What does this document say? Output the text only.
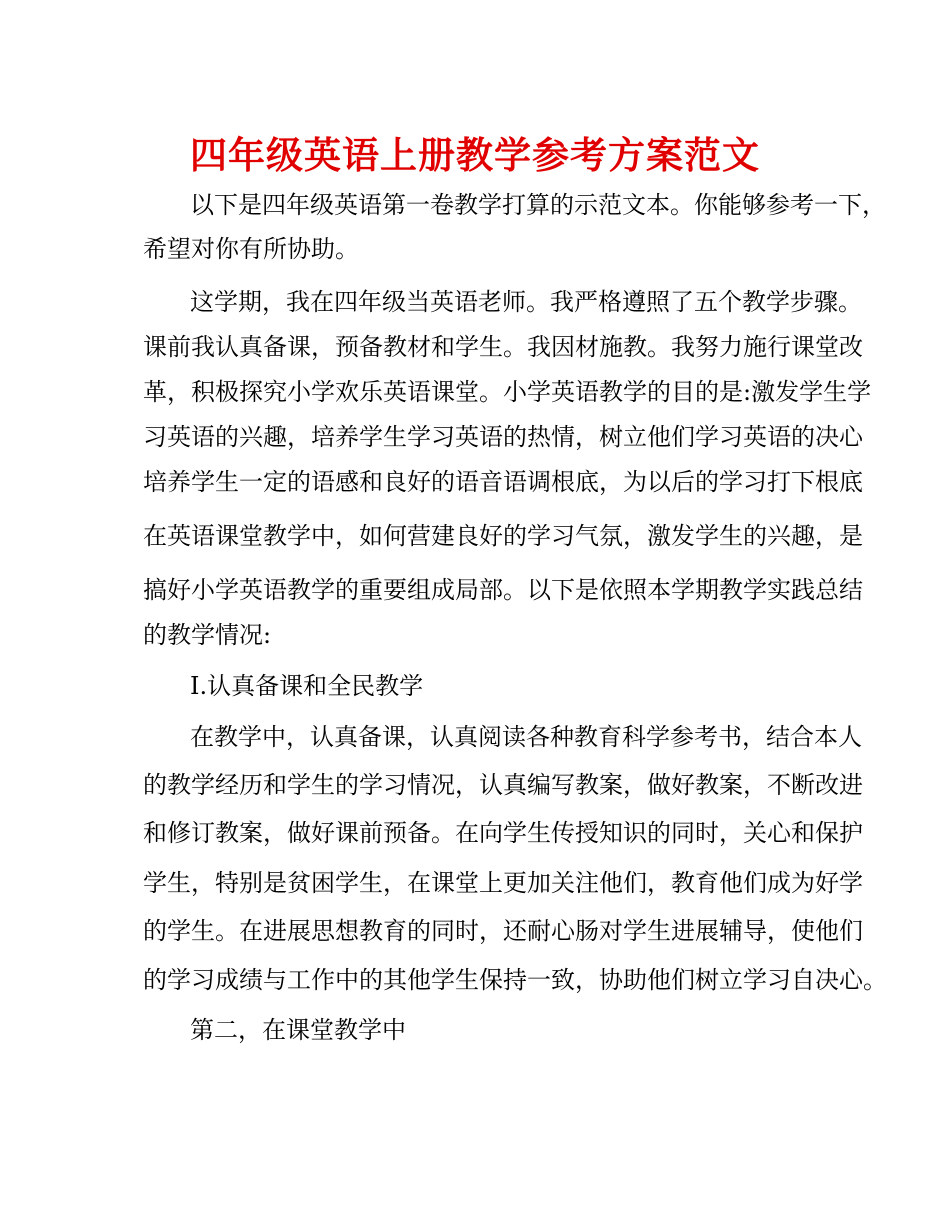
四年级英语上册教学参考方案范文
以下是四年级英语第一卷教学打算的示范文本。你能够参考一下，
希望对你有所协助。
这学期，我在四年级当英语老师。我严格遵照了五个教学步骤。
课前我认真备课，预备教材和学生。我因材施教。我努力施行课堂改
革，积极探究小学欢乐英语课堂。小学英语教学的目的是:激发学生学
习英语的兴趣，培养学生学习英语的热情，树立他们学习英语的决心
培养学生一定的语感和良好的语音语调根底，为以后的学习打下根底
在英语课堂教学中，如何营建良好的学习气氛，激发学生的兴趣，是
搞好小学英语教学的重要组成局部。以下是依照本学期教学实践总结
的教学情况:
Ⅰ.认真备课和全民教学
在教学中，认真备课，认真阅读各种教育科学参考书，结合本人
的教学经历和学生的学习情况，认真编写教案，做好教案，不断改进
和修订教案，做好课前预备。在向学生传授知识的同时，关心和保护
学生，特别是贫困学生，在课堂上更加关注他们，教育他们成为好学
的学生。在进展思想教育的同时，还耐心肠对学生进展辅导，使他们
的学习成绩与工作中的其他学生保持一致，协助他们树立学习自决心。
第二，在课堂教学中
